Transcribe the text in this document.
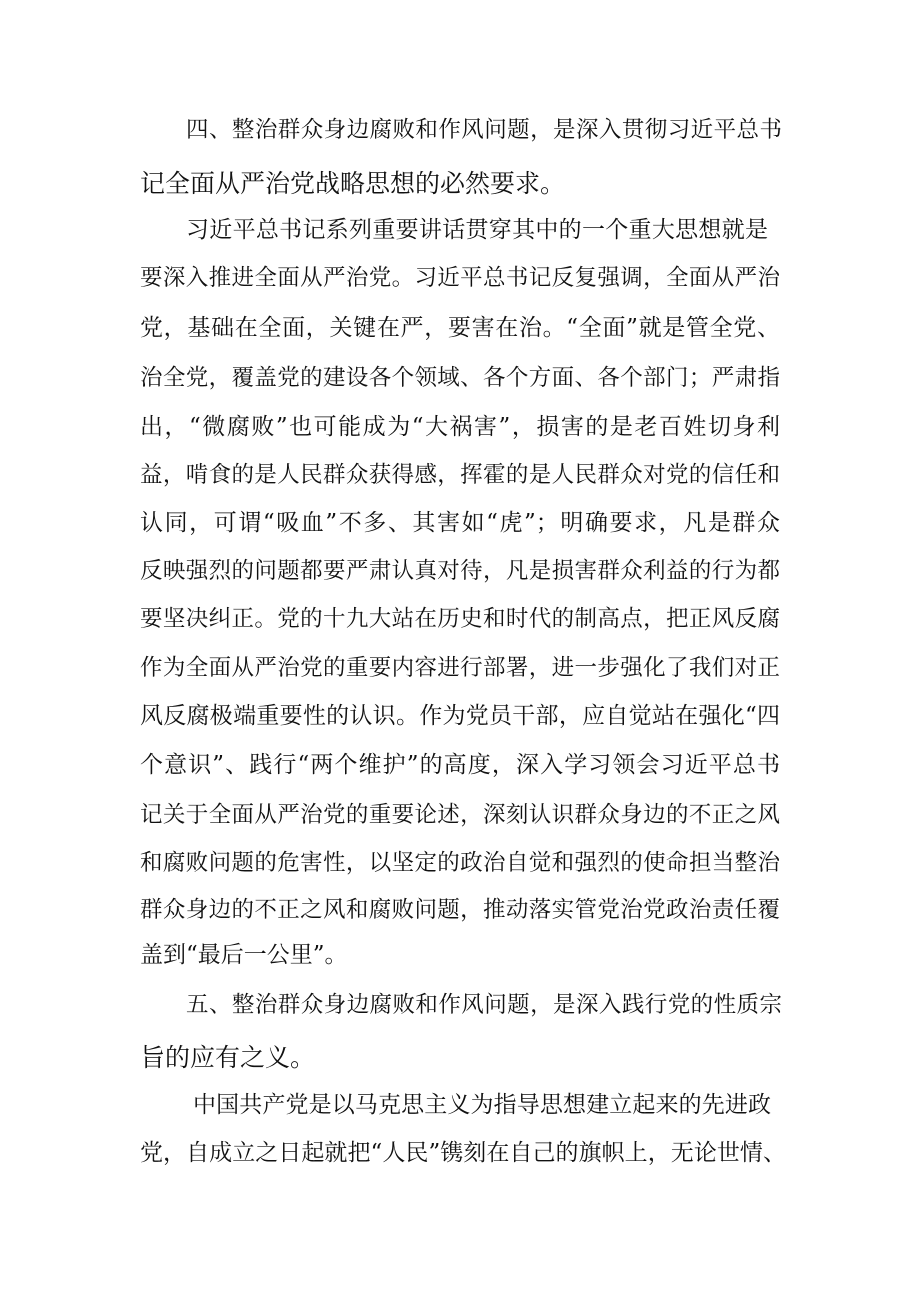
四、整治群众身边腐败和作风问题，是深入贯彻习近平总书

记全面从严治党战略思想的必然要求。

习近平总书记系列重要讲话贯穿其中的一个重大思想就是

要深入推进全面从严治党。习近平总书记反复强调，全面从严治

党，基础在全面，关键在严，要害在治。“全面”就是管全党、

治全党，覆盖党的建设各个领域、各个方面、各个部门；严肃指

出，“微腐败”也可能成为“大祸害”，损害的是老百姓切身利

益，啃食的是人民群众获得感，挥霍的是人民群众对党的信任和

认同，可谓“吸血”不多、其害如“虎”；明确要求，凡是群众

反映强烈的问题都要严肃认真对待，凡是损害群众利益的行为都

要坚决纠正。党的十九大站在历史和时代的制高点，把正风反腐

作为全面从严治党的重要内容进行部署，进一步强化了我们对正

风反腐极端重要性的认识。作为党员干部，应自觉站在强化“四

个意识”、践行“两个维护”的高度，深入学习领会习近平总书

记关于全面从严治党的重要论述，深刻认识群众身边的不正之风

和腐败问题的危害性，以坚定的政治自觉和强烈的使命担当整治

群众身边的不正之风和腐败问题，推动落实管党治党政治责任覆

盖到“最后一公里”。

五、整治群众身边腐败和作风问题，是深入践行党的性质宗

旨的应有之义。

中国共产党是以马克思主义为指导思想建立起来的先进政

党，自成立之日起就把“人民”镌刻在自己的旗帜上，无论世情、
